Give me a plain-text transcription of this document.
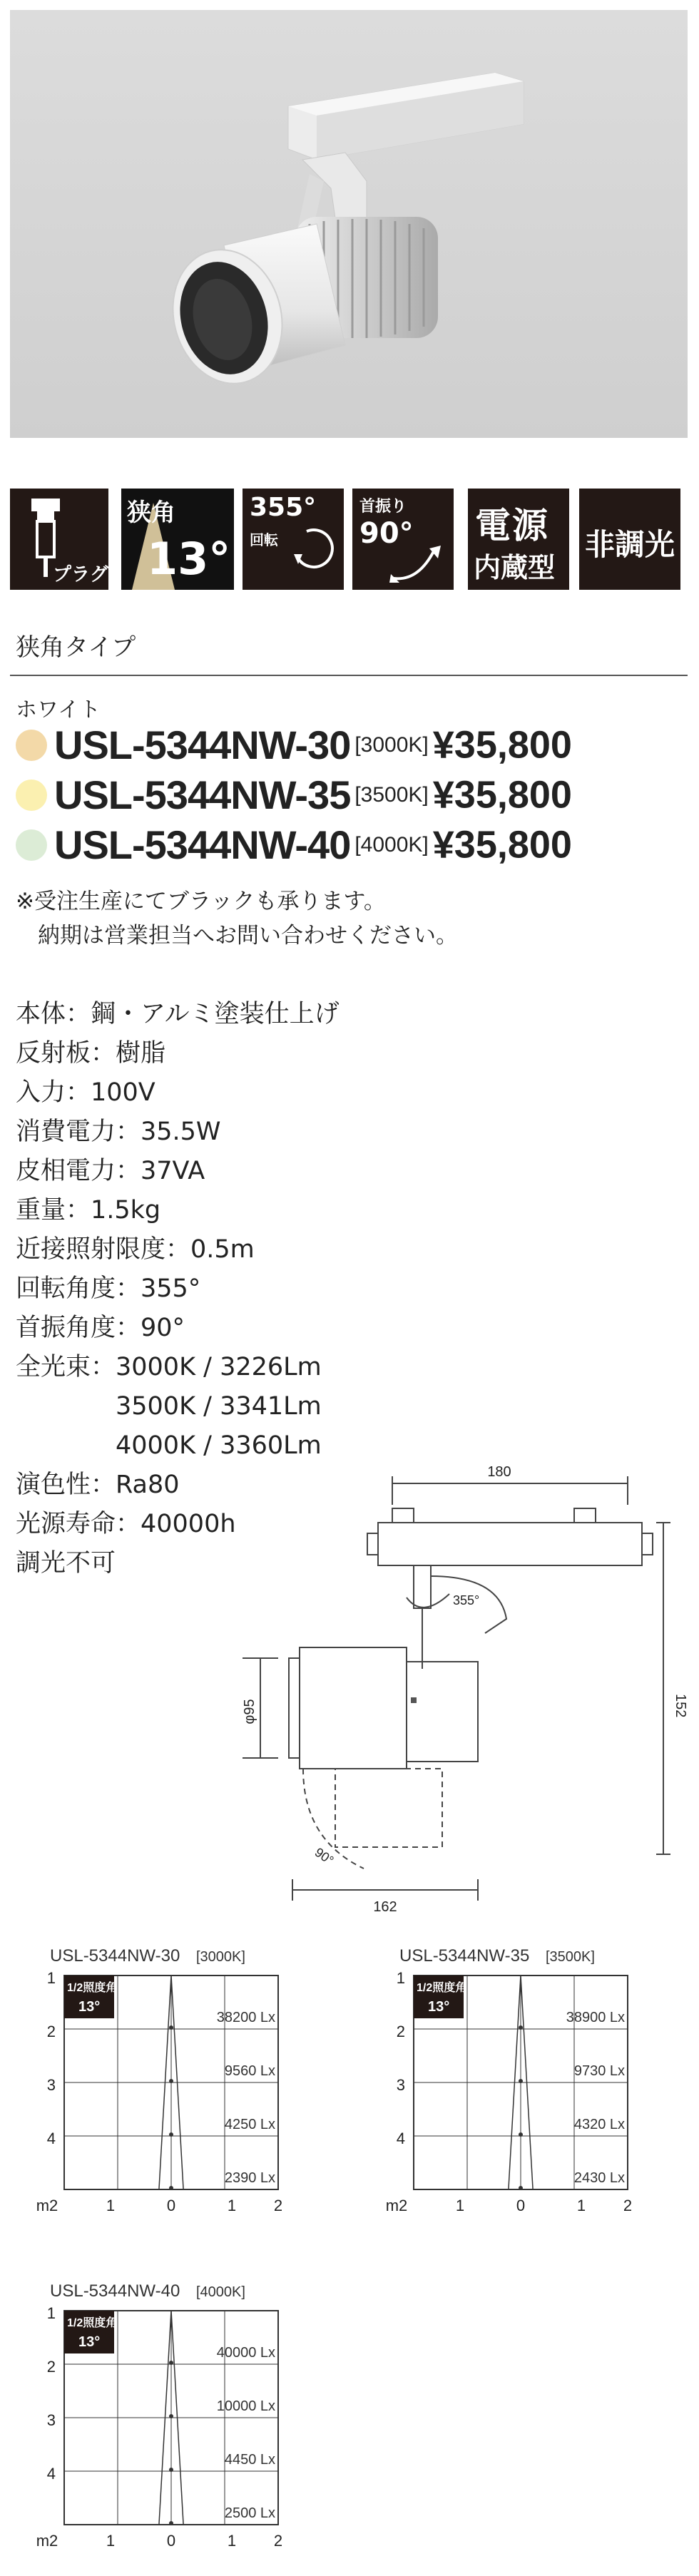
プラグ
狭角
13°
355°
回転
首振り
90° 電源
内蔵型
非調光
狭角タイプ
ホワイト
USL-5344NW-30 [3000K] ¥35,800
USL-5344NW-35 [3500K] ¥35,800
USL-5344NW-40 [4000K] ¥35,800
※受注生産にてブラックも承ります。
　納期は営業担当へお問い合わせください。
本体：鋼・アルミ塗装仕上げ
反射板：樹脂
入力：100V
消費電力：35.5W
皮相電力：37VA
重量：1.5kg
近接照射限度：0.5m
回転角度：355°
首振角度：90°
全光束：3000K / 3226Lm
　　　　3500K / 3341Lm
　　　　4000K / 3360Lm
演色性：Ra80
光源寿命：40000h
調光不可
180
152
φ95
162
355°
90°
USL-5344NW-30 [3000K]
1/2照度角
13°
38200 Lx
9560 Lx
4250 Lx
2390 Lx
1
2
3
4
m2	1	0	1 2
USL-5344NW-35 [3500K]
1/2照度角
13°
38900 Lx
9730 Lx
4320 Lx
2430 Lx
1
2
3
4
m2	1	0	1 2
USL-5344NW-40 [4000K]
1/2照度角
13°
40000 Lx
10000 Lx
4450 Lx
2500 Lx
1
2
3
4
m2	1	0	1 2
